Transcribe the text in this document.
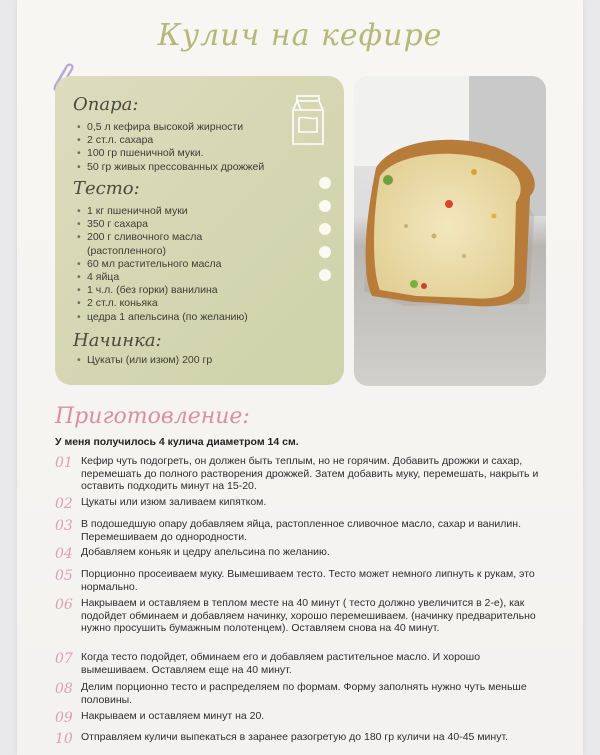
Кулич на кефире
Опара:
• 0,5 л кефира высокой жирности
• 2 ст.л. сахара
• 100 гр пшеничной муки.
• 50 гр живых прессованных дрожжей
Тесто:
• 1 кг пшеничной муки
• 350 г сахара
• 200 г сливочного масла
(растопленного)
• 60 мл растительного масла
• 4 яйца
• 1 ч.л. (без горки) ванилина
• 2 ст.л. коньяка
• цедра 1 апельсина (по желанию)
Начинка:
• Цукаты (или изюм) 200 гр
Приготовление:
У меня получилось 4 кулича диаметром 14 см.
01 Кефир чуть подогреть, он должен быть теплым, но не горячим. Добавить дрожжи и сахар, перемешать до полного растворения дрожжей. Затем добавить муку, перемешать, накрыть и оставить подходить минут на 15-20.
02 Цукаты или изюм заливаем кипятком.
03 В подошедшую опару добавляем яйца, растопленное сливочное масло, сахар и ванилин. Перемешиваем до однородности.
04 Добавляем коньяк и цедру апельсина по желанию.
05 Порционно просеиваем муку. Вымешиваем тесто. Тесто может немного липнуть к рукам, это нормально.
06 Накрываем и оставляем в теплом месте на 40 минут ( тесто должно увеличится в 2-е), как подойдет обминаем и добавляем начинку, хорошо перемешиваем. (начинку предварительно нужно просушить бумажным полотенцем). Оставляем снова на 40 минут.
07 Когда тесто подойдет, обминаем его и добавляем растительное масло. И хорошо вымешиваем. Оставляем еще на 40 минут.
08 Делим порционно тесто и распределяем по формам. Форму заполнять нужно чуть меньше половины.
09 Накрываем и оставляем минут на 20.
10 Отправляем куличи выпекаться в заранее разогретую до 180 гр куличи на 40-45 минут.
